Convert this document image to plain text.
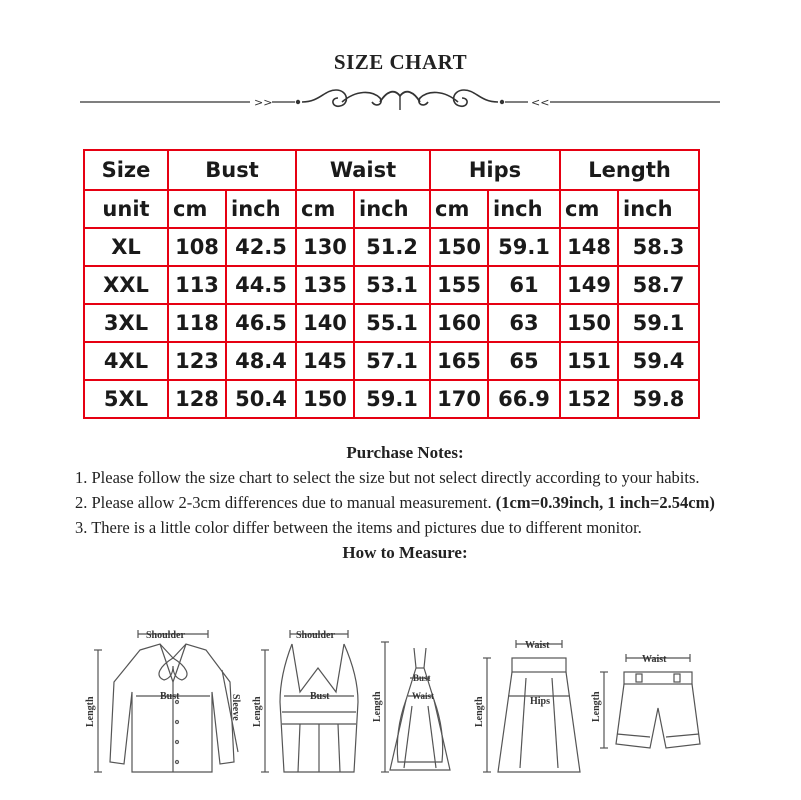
SIZE CHART
>>	<<
Size	Bust		Waist		Hips		Length	
unit	cm	inch	cm	inch	cm	inch	cm	inch
XL	108	42.5	130	51.2	150	59.1	148	58.3
XXL	113	44.5	135	53.1	155	61	149	58.7
3XL	118	46.5	140	55.1	160	63	150	59.1
4XL	123	48.4	145	57.1	165	65	151	59.4
5XL	128	50.4	150	59.1	170	66.9	152	59.8

Purchase Notes:

1. Please follow the size chart to select the size but not select directly according to your habits.

2. Please allow 2-3cm differences due to manual measurement. (1cm=0.39inch, 1 inch=2.54cm)

3. There is a little color differ between the items and pictures due to different monitor.

How to Measure:

Shoulder
Bust	Sleeve
Length
Shoulder
Bust
Length
Bust
Waist
Length
Waist
Hips
Length
Waist
Length
